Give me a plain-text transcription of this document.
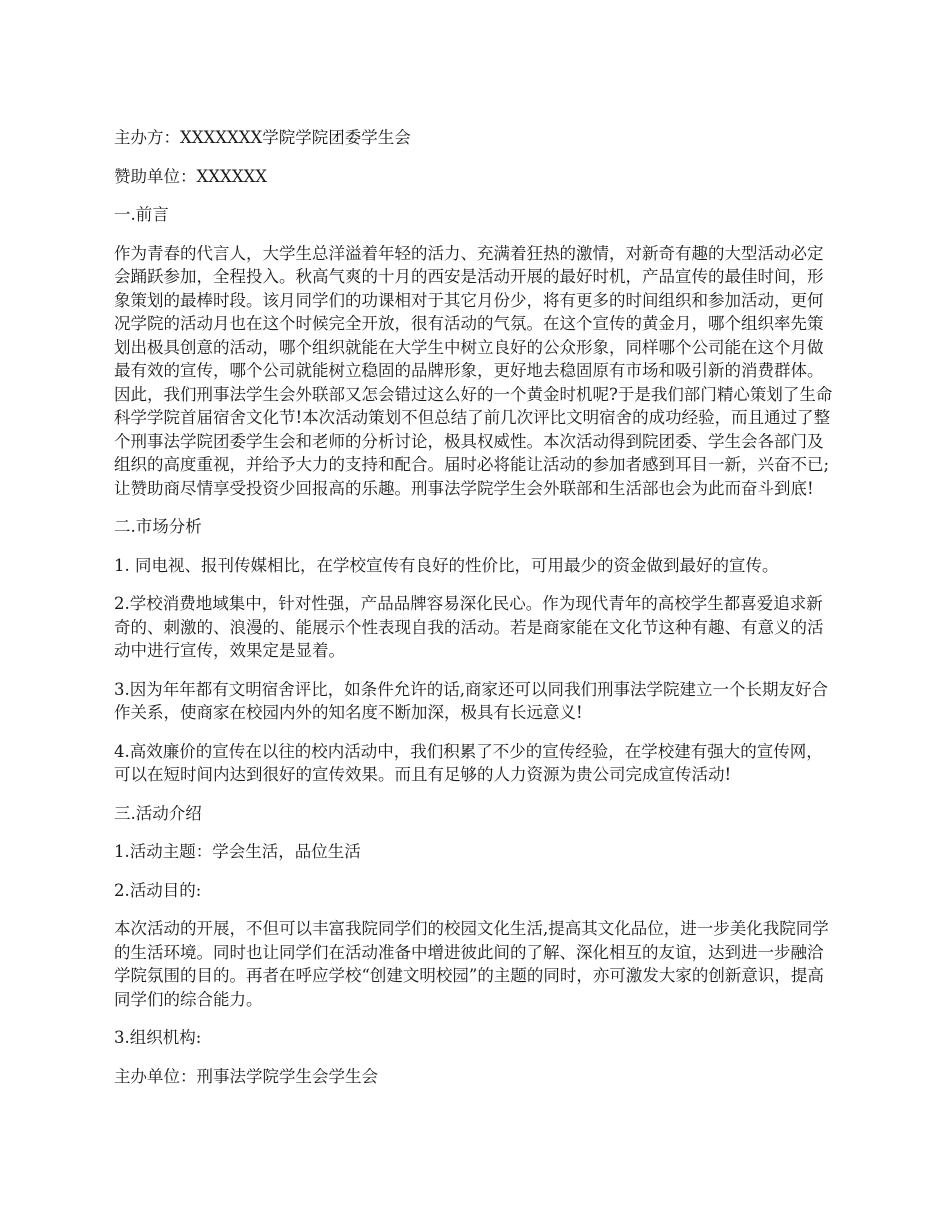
主办方：XXXXXXX学院学院团委学生会

赞助单位：XXXXXX

一.前言

作为青春的代言人，大学生总洋溢着年轻的活力、充满着狂热的激情，对新奇有趣的大型活动必定会踊跃参加，全程投入。秋高气爽的十月的西安是活动开展的最好时机，产品宣传的最佳时间，形象策划的最棒时段。该月同学们的功课相对于其它月份少，将有更多的时间组织和参加活动，更何况学院的活动月也在这个时候完全开放，很有活动的气氛。在这个宣传的黄金月，哪个组织率先策划出极具创意的活动，哪个组织就能在大学生中树立良好的公众形象，同样哪个公司能在这个月做最有效的宣传，哪个公司就能树立稳固的品牌形象，更好地去稳固原有市场和吸引新的消费群体。因此，我们刑事法学生会外联部又怎会错过这么好的一个黄金时机呢?于是我们部门精心策划了生命科学学院首届宿舍文化节!本次活动策划不但总结了前几次评比文明宿舍的成功经验，而且通过了整个刑事法学院团委学生会和老师的分析讨论，极具权威性。本次活动得到院团委、学生会各部门及组织的高度重视，并给予大力的支持和配合。届时必将能让活动的参加者感到耳目一新，兴奋不已;让赞助商尽情享受投资少回报高的乐趣。刑事法学院学生会外联部和生活部也会为此而奋斗到底!

二.市场分析

1. 同电视、报刊传媒相比，在学校宣传有良好的性价比，可用最少的资金做到最好的宣传。

2.学校消费地域集中，针对性强，产品品牌容易深化民心。作为现代青年的高校学生都喜爱追求新奇的、刺激的、浪漫的、能展示个性表现自我的活动。若是商家能在文化节这种有趣、有意义的活动中进行宣传，效果定是显着。

3.因为年年都有文明宿舍评比，如条件允许的话,商家还可以同我们刑事法学院建立一个长期友好合作关系，使商家在校园内外的知名度不断加深，极具有长远意义!

4.高效廉价的宣传在以往的校内活动中，我们积累了不少的宣传经验，在学校建有强大的宣传网，可以在短时间内达到很好的宣传效果。而且有足够的人力资源为贵公司完成宣传活动!

三.活动介绍

1.活动主题：学会生活，品位生活

2.活动目的:

本次活动的开展，不但可以丰富我院同学们的校园文化生活,提高其文化品位，进一步美化我院同学的生活环境。同时也让同学们在活动准备中增进彼此间的了解、深化相互的友谊，达到进一步融洽学院氛围的目的。再者在呼应学校“创建文明校园”的主题的同时，亦可激发大家的创新意识，提高同学们的综合能力。

3.组织机构:

主办单位：刑事法学院学生会学生会
